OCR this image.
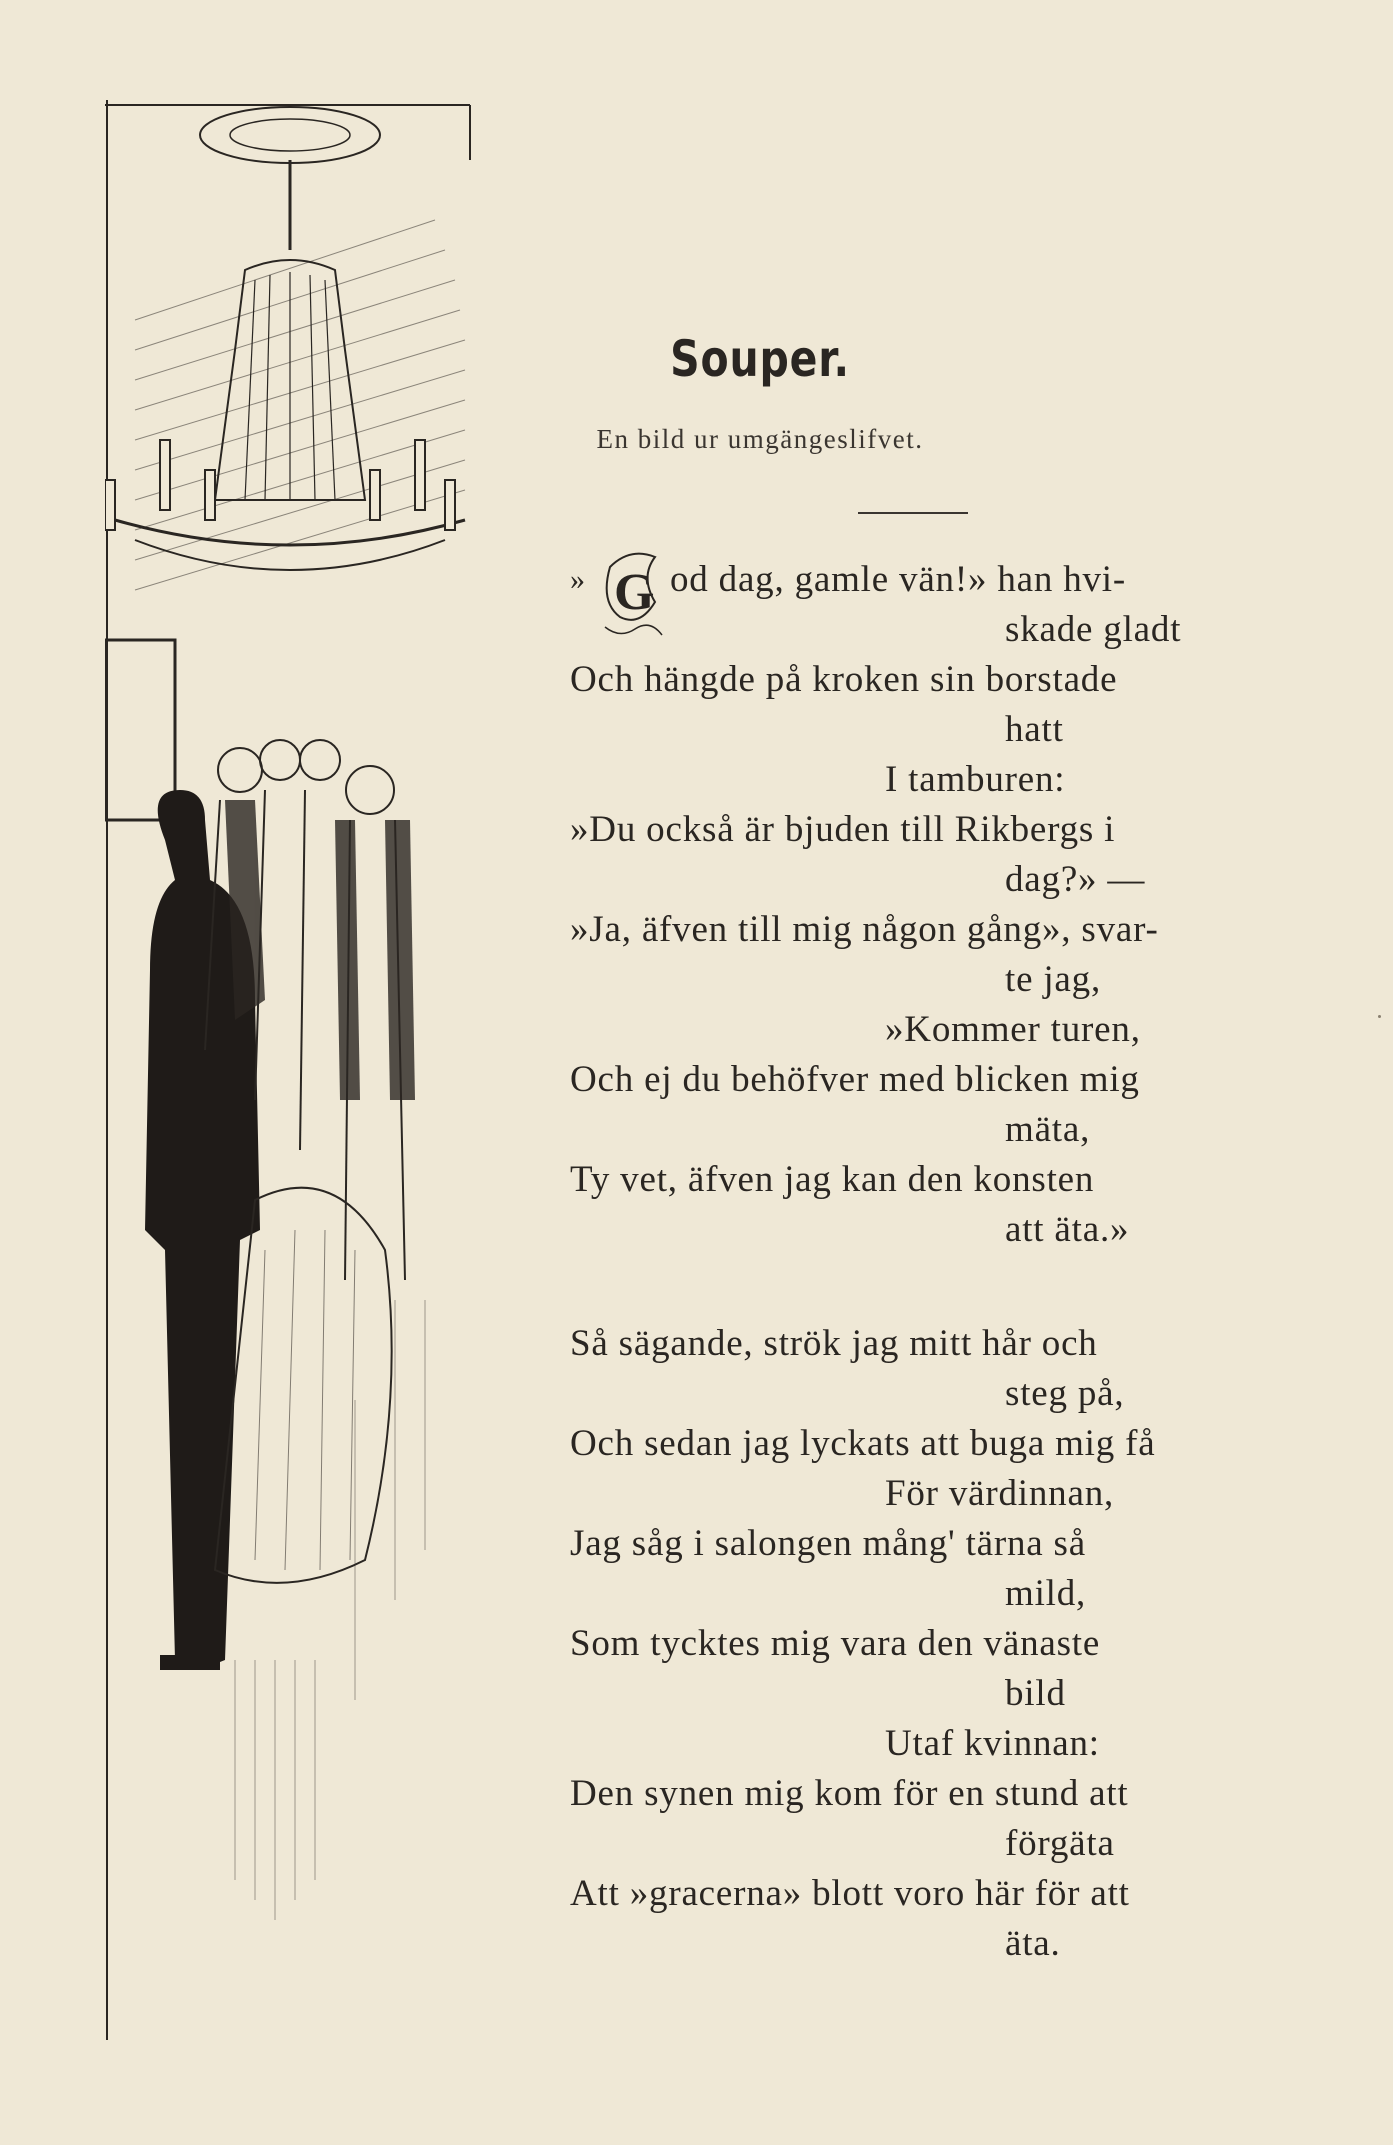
Souper.
En bild ur umgängeslifvet.
» G od dag, gamle vän!» han hvi-
skade gladt
Och hängde på kroken sin borstade
hatt
I tamburen:
»Du också är bjuden till Rikbergs i
dag?» —
»Ja, äfven till mig någon gång», svar-
te jag,
»Kommer turen,
Och ej du behöfver med blicken mig
mäta,
Ty vet, äfven jag kan den konsten
att äta.»
Så sägande, strök jag mitt hår och
steg på,
Och sedan jag lyckats att buga mig få
För värdinnan,
Jag såg i salongen mång' tärna så
mild,
Som tycktes mig vara den vänaste
bild
Utaf kvinnan:
Den synen mig kom för en stund att
förgäta
Att »gracerna» blott voro här för att
äta.
